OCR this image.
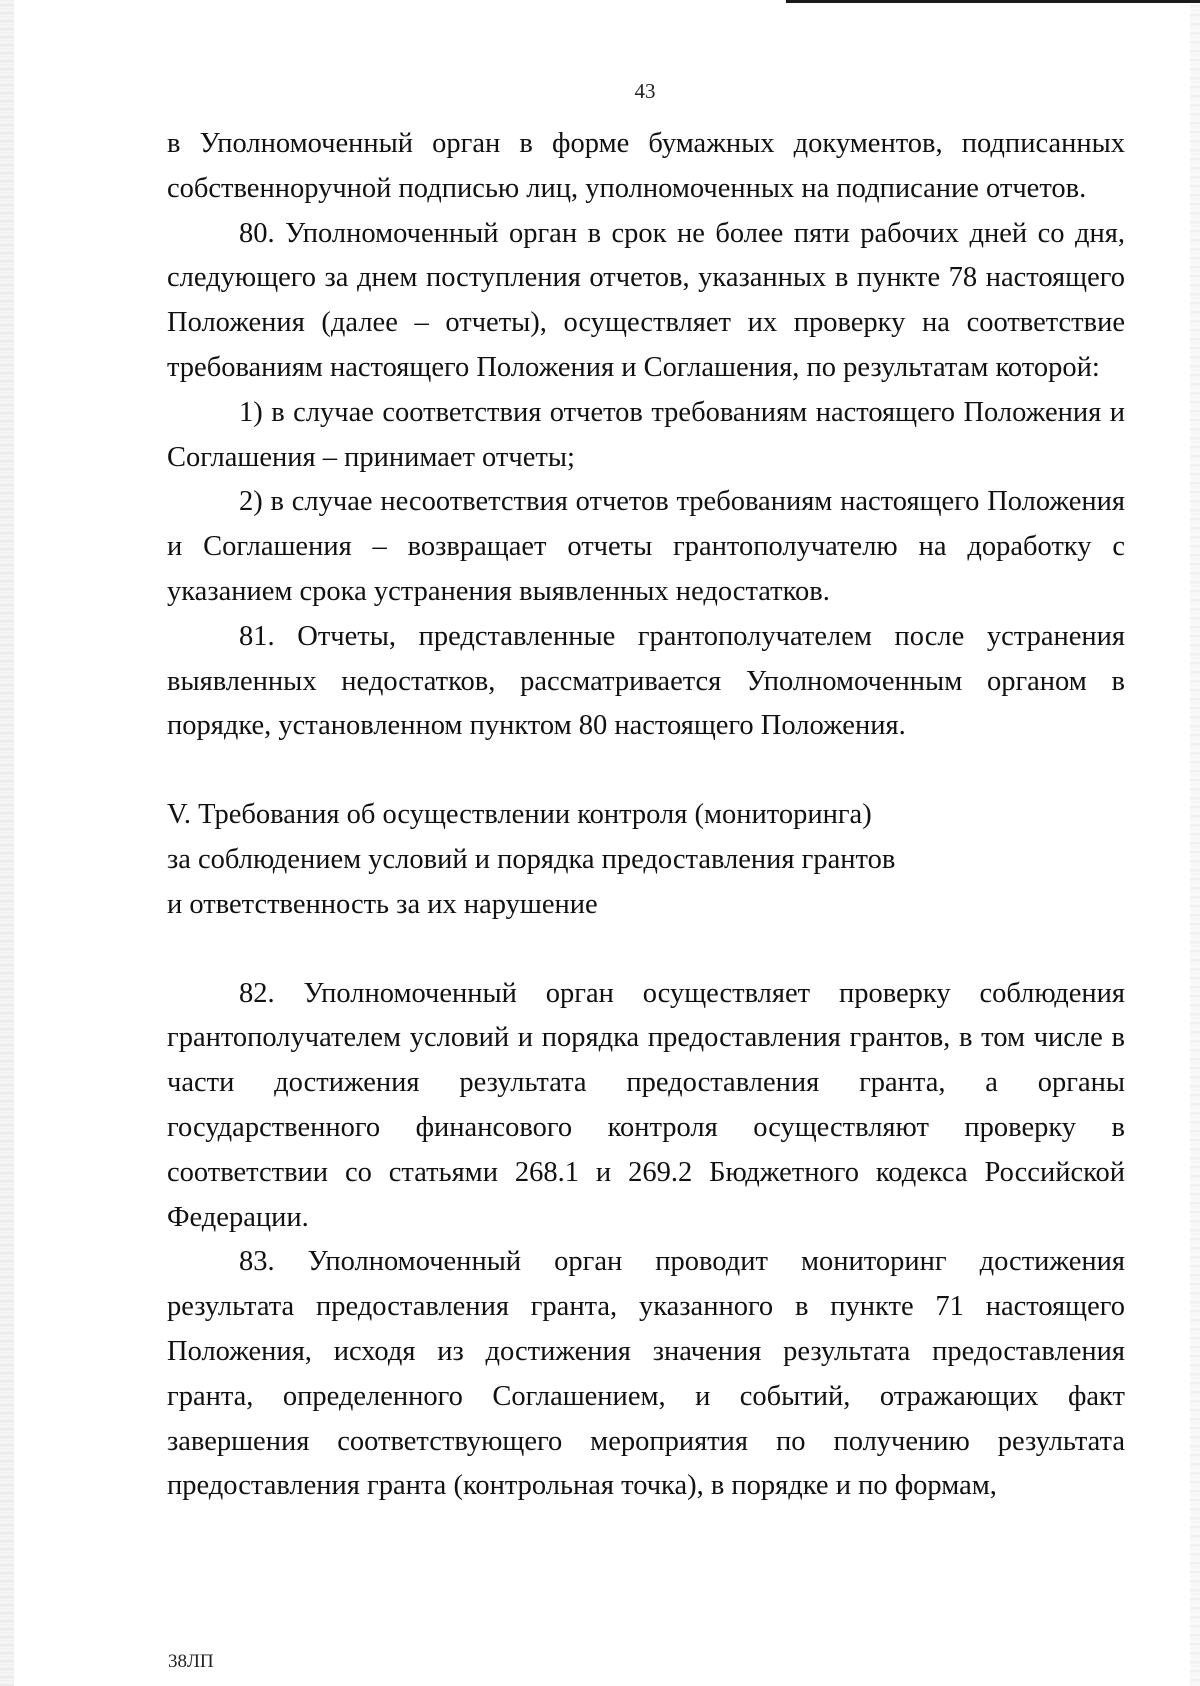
43

в Уполномоченный орган в форме бумажных документов, подписанных собственноручной подписью лиц, уполномоченных на подписание отчетов.

80. Уполномоченный орган в срок не более пяти рабочих дней со дня, следующего за днем поступления отчетов, указанных в пункте 78 настоящего Положения (далее – отчеты), осуществляет их проверку на соответствие требованиям настоящего Положения и Соглашения, по результатам которой:

1) в случае соответствия отчетов требованиям настоящего Положения и Соглашения – принимает отчеты;

2) в случае несоответствия отчетов требованиям настоящего Положения и Соглашения – возвращает отчеты грантополучателю на доработку с указанием срока устранения выявленных недостатков.

81. Отчеты, представленные грантополучателем после устранения выявленных недостатков, рассматривается Уполномоченным органом в порядке, установленном пунктом 80 настоящего Положения.

V. Требования об осуществлении контроля (мониторинга)

за соблюдением условий и порядка предоставления грантов

и ответственность за их нарушение

82. Уполномоченный орган осуществляет проверку соблюдения грантополучателем условий и порядка предоставления грантов, в том числе в части достижения результата предоставления гранта, а органы государственного финансового контроля осуществляют проверку в соответствии со статьями 268.1 и 269.2 Бюджетного кодекса Российской Федерации.

83. Уполномоченный орган проводит мониторинг достижения результата предоставления гранта, указанного в пункте 71 настоящего Положения, исходя из достижения значения результата предоставления гранта, определенного Соглашением, и событий, отражающих факт завершения соответствующего мероприятия по получению результата предоставления гранта (контрольная точка), в порядке и по формам,

38ЛП
